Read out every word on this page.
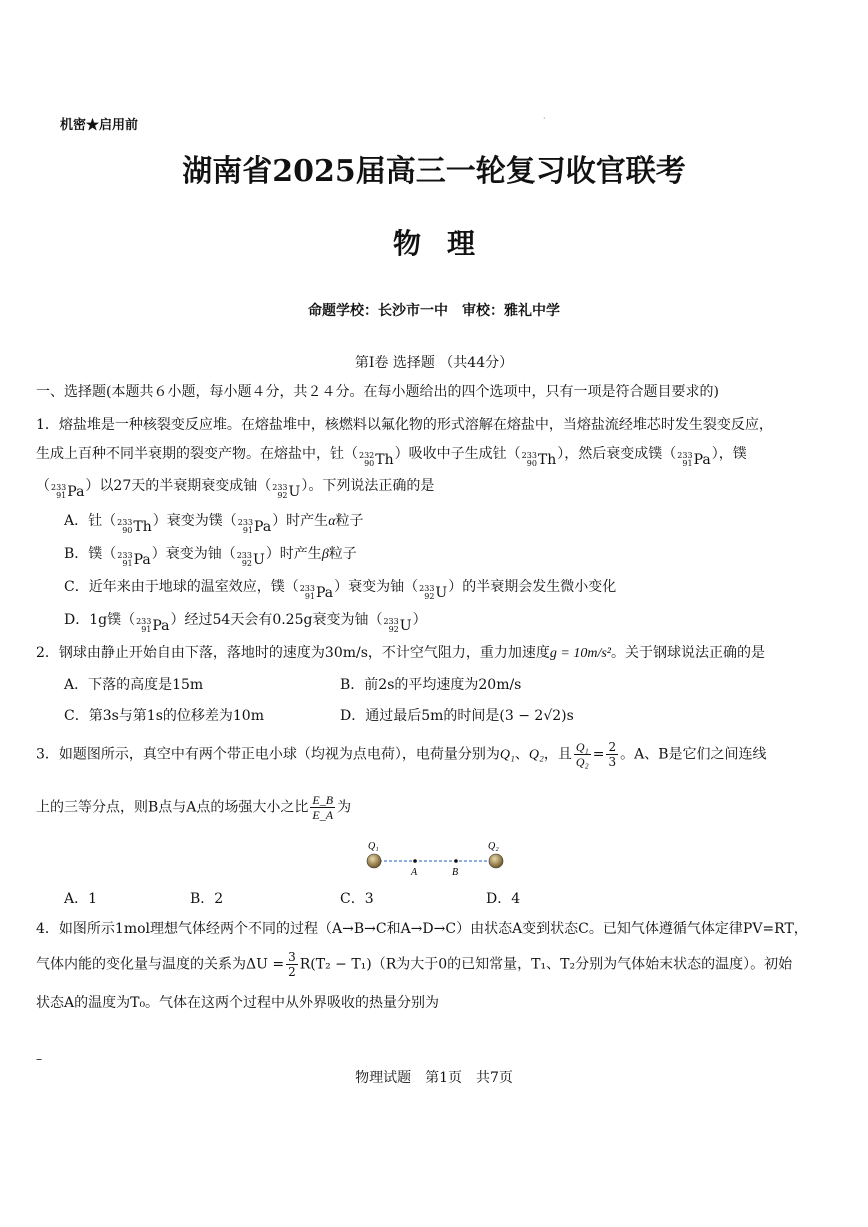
机密★启用前	·
湖南省2025届高三一轮复习收官联考
物理
命题学校：长沙市一中　审校：雅礼中学
第Ⅰ卷 选择题 （共44分）
一、选择题(本题共６小题，每小题４分，共２４分。在每小题给出的四个选项中，只有一项是符合题目要求的)
1．熔盐堆是一种核裂变反应堆。在熔盐堆中，核燃料以氟化物的形式溶解在熔盐中，当熔盐流经堆芯时发生裂变反应，
生成上百种不同半衰期的裂变产物。在熔盐中，钍（ 232
90 Th ）吸收中子生成钍（ 233
90 Th ），然后衰变成镤（ 233
91 Pa ），镤
（ 233
91 Pa ）以27天的半衰期衰变成铀（ 233
92 U ）。下列说法正确的是
A．钍（ 233
90 Th ）衰变为镤（ 233
91 Pa ）时产生α粒子
B．镤（ 233
91 Pa ）衰变为铀（ 233
92 U ）时产生β粒子
C．近年来由于地球的温室效应，镤（ 233
91 Pa ）衰变为铀（ 233
92 U ）的半衰期会发生微小变化
D．1g镤（ 233
91 Pa ）经过54天会有0.25g衰变为铀（ 233
92 U ）
2．钢球由静止开始自由下落，落地时的速度为30m/s，不计空气阻力，重力加速度g = 10m/s²。关于钢球说法正确的是
A．下落的高度是15m	B．前2s的平均速度为20m/s
C．第3s与第1s的位移差为10m	D．通过最后5m的时间是(3 − 2√2)s
3．如题图所示，真空中有两个带正电小球（均视为点电荷），电荷量分别为Q₁、Q₂，且 $\frac{\text{Q₁}}{\text{Q₂}} = \frac{2}{3}$ 。A、B是它们之间连线
上的三等分点，则B点与A点的场强大小之比 $\frac{E\_B}{E\_A}$ 为
Q₁	Q₂
A	B
A．1	B．2	C．3	D．4
4．如图所示1mol理想气体经两个不同的过程（A→B→C和A→D→C）由状态A变到状态C。已知气体遵循气体定律PV=RT，
气体内能的变化量与温度的关系为$\Delta U = \frac{3}{2} R(T_2 - T_1)(R$为大于0的已知常量，T₁、T₂分别为气体始末状态的温度）。初始
状态A的温度为T₀。气体在这两个过程中从外界吸收的热量分别为
–
物理试题　第1页　共7页
